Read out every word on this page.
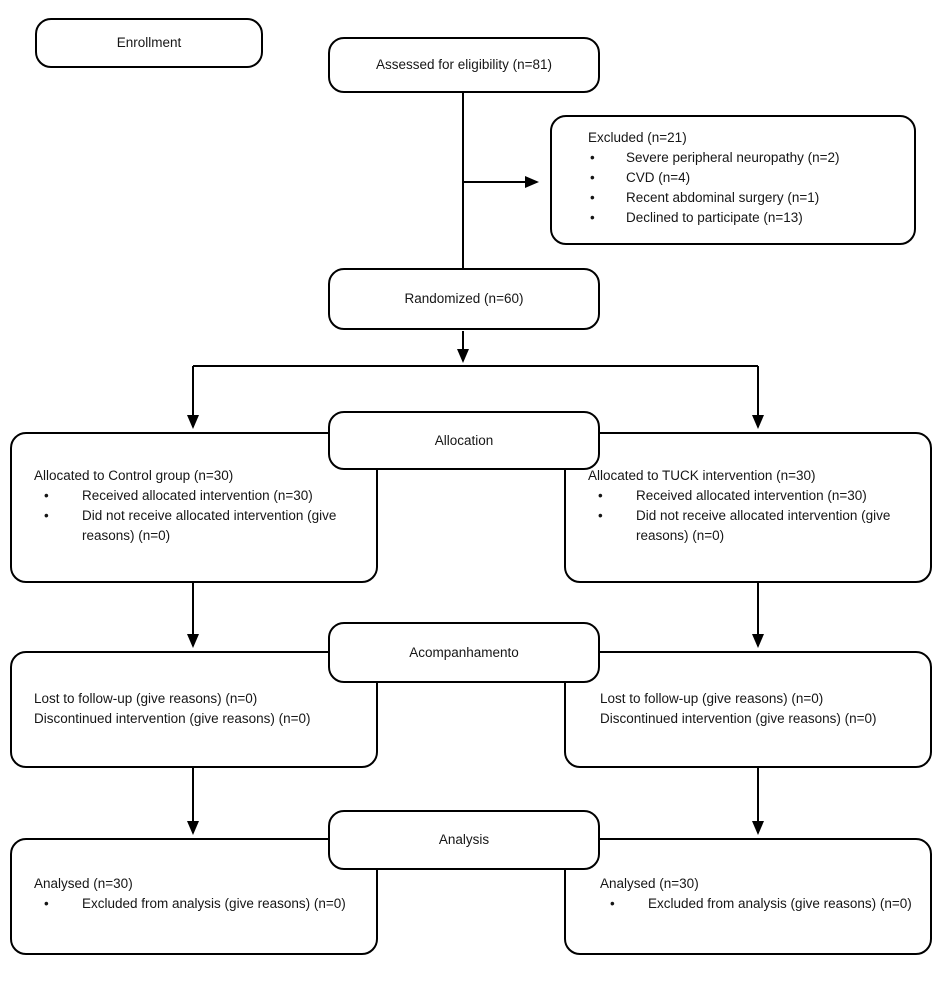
Enrollment
Assessed for eligibility (n=81)
Excluded (n=21)
•	Severe peripheral neuropathy (n=2)
•	CVD (n=4)
•	Recent abdominal surgery (n=1)
•	Declined to participate (n=13)
Randomized (n=60)
Allocated to Control group (n=30)
•	Received allocated intervention (n=30)
•	Did not receive allocated intervention (give reasons) (n=0)
Allocated to TUCK intervention (n=30)
•	Received allocated intervention (n=30)
•	Did not receive allocated intervention (give reasons) (n=0)
Allocation
Lost to follow-up (give reasons) (n=0)
Discontinued intervention (give reasons) (n=0)
Lost to follow-up (give reasons) (n=0)
Discontinued intervention (give reasons) (n=0)
Acompanhamento
Analysed (n=30)
•	Excluded from analysis (give reasons) (n=0)
Analysed (n=30)
•	Excluded from analysis (give reasons) (n=0)
Analysis
